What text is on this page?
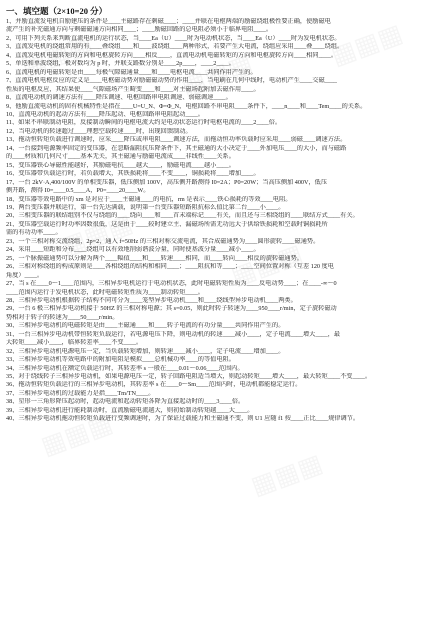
一、填空题（2×10=20 分）
1、并励直流发电机自励建压的条件是____主磁路存在剩磁____；____并联在电枢两端的励磁绕组极性要正确，使励磁电
流产生的补充磁通方向与剩磁磁通方向相同____；____励磁回路的总电阻必须小于临界电阻____。
2、可用下列关系来判断直流电机的运行状态，当____Ea（U）____时为电动机状态，当____Ea（U）____时为发电机状态。
3、直流发电机的绕组常用的有____叠绕组____和____波绕组____两种形式，若要产生大电流，绕组应采用____叠____绕组。
4、直流发电机电磁转矩的方向和电枢旋转方向____相反____，直流电动机电磁转矩的方向和电枢旋转方向____相同____。
5、单迭和单波绕组，极对数均为 p 时，并联支路数分别是____2p____，____2____。
6、直流电机的电磁转矩是由____每极气隙磁通量____和____电枢电流____共同作用产生的。
7、直流电机电枢反应的定义是____电枢磁动势对励磁磁动势的作用____，当电刷在几何中线时，电动机产生____交磁____
性质的电枢反应，其结果使____气隙磁场产生畸变____和____对主磁场起附加去磁作用____。
8、直流电动机的调速方法有____降压调速、电枢回路串电阻调速、弱磁调速____。
9、他励直流电动机的固有机械特性是指在____U=U_N、Φ=Φ_N，电枢回路不串电阻____条件下，____n____和____Tem____的关系。
10、直流电动机的起动方法有____降压起动、电枢回路串电阻起动____。
11、如果不串联制动电阻，反接制动瞬间的电枢电流大约是电动状态运行时电枢电流的____2____倍。
12、当电动机的转速超过____理想空载转速____时，出现回馈制动。
13、拖动恒转矩负载进行调速时，应采____降压或串电阻____调速方法，而拖动恒功率负载时应采用____弱磁____调速方法。
14、一台接到电源频率固定的变压器，在忽略漏阻抗压降条件下，其主磁通的大小决定于____外加电压____的大小，而与磁路
的____材质和几何尺寸____基本无关，其主磁通与励磁电流成____非线性____关系。
15、变压器铁心导磁性能越好，其励磁电抗____越大____，励磁电流____越小____。
16、变压器带负载运行时，若负载增大，其铁损耗将____不变____，铜损耗将____增加____。
17、一台 2kV·A,400/100V 的单相变压器，低压侧加 100V，高压侧开路测得 I0=2A；P0=20W；当高压侧加 400V，低压
侧开路，测得 I0=____0.5____A，P0=____20____W。
18、变压器等效电路中的 xm 是对应于____主磁通____的电抗，rm 是表示____铁心损耗的等效____电阻。
19、两台变压器并联运行，第一台先达满载，说明第一台变压器短路阻抗标么值比第二台____小____。
20、三相变压器的联结组别不仅与绕组的____绕向____和____首末端标记____有关，而且还与三相绕组的____联结方式____有关。
21、变压器空载运行时功率因数很低，这是由于____较时建立主、漏磁场所需无功远大于供给铁损耗和空载时铜损耗所
需的有功功率____。
23、一个三相对称交流绕组，2p=2，通入 f=50Hz 的三相对称交流电流，其合成磁通势为____圆形旋转____磁通势。
24、采用____短距和分布____绕组可以有效地削弱谐波分量，同时使基波分量____减小____。
25、一个脉振磁通势可以分解为两个____幅值____和____转速____相同，而____转向____相反的旋转磁通势。
26、三相对称绕组的构成原则是____各相绕组的结构和相同____；____阻抗和等____；____空间位置对称（互差 120 度电
角度）____。
27、当 s 在____0～1____范围内，三相异步电机运行于电动机状态，此时电磁转矩性质为____反电动势____；在____-∞～0
____范围内运行于发电机状态，此时电磁转矩性质为____制动转矩____。
28、三相异步电动机根据转子结构不同可分为____笼型异步电动机____和____绕线型异步电动机____两类。
29、一台 6 极三相异步电动机接于 50HZ 的三相对称电源；其 s=0.05，则此时转子转速为____950____r/min，定子旋转磁动
势相对于转子的转速为____50____r/min。
30、三相异步电动机的电磁转矩是由____主磁通____和____转子电流的有功分量____共同作用产生的。
31、一台三相异步电动机带恒转矩负载运行，若电源电压下降，则电动机的转速____减小____，定子电流____增大____，最
大转矩____减小____，临界转差率____不变____。
32、三相异步电动机电源电压一定，当负载转矩增加，则转速____减小____，定子电流____增加____。
33、三相异步电动机等效电路中的附加电阻是模拟____总机械功率____的等值电阻。
34、三相异步电动机在额定负载运行时，其转差率 s 一般在____0.01～0.06____范围内。
35、对于绕线转子三相异步电动机，如果电源电压一定，转子回路电阻适当增大，则起动转矩____增大____，最大转矩____不变____。
36、拖动恒转矩负载运行的三相异步电动机，其转差率 s 在____0～Sm____范围内时，电动机都能稳定运行。
37、三相异步电动机的过载能力是指____Tm/TN____。
38、星形一三角形降压起动时，起动电流和起动转矩各降为直接起动时的____3____倍。
39、三相异步电动机进行能耗制动时，直流励磁电流越大，则初始制动转矩越____大____。
40、三相异步电动机拖动恒转矩负载进行变频调速时，为了保证过载能力和主磁通不变，则 U1 应随 f1 按____正比____规律调节。
